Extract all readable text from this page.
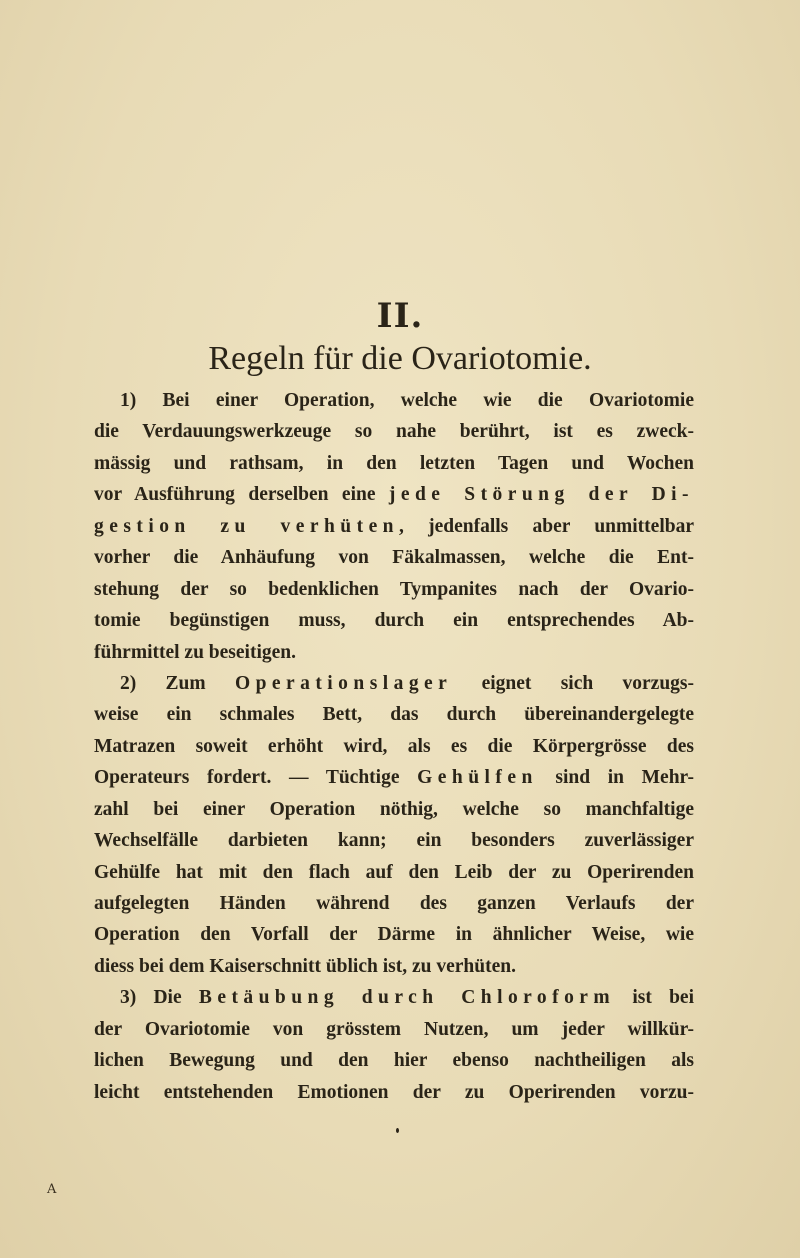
II.
Regeln für die Ovariotomie.
1) Bei einer Operation, welche wie die Ovariotomie
die Verdauungswerkzeuge so nahe berührt, ist es zweck-
mässig und rathsam, in den letzten Tagen und Wochen
vor Ausführung derselben eine jede Störung der Di-
gestion zu verhüten, jedenfalls aber unmittelbar
vorher die Anhäufung von Fäkalmassen, welche die Ent-
stehung der so bedenklichen Tympanites nach der Ovario-
tomie begünstigen muss, durch ein entsprechendes Ab-
führmittel zu beseitigen.
2) Zum Operationslager eignet sich vorzugs-
weise ein schmales Bett, das durch übereinandergelegte
Matrazen soweit erhöht wird, als es die Körpergrösse des
Operateurs fordert. — Tüchtige Gehülfen sind in Mehr-
zahl bei einer Operation nöthig, welche so manchfaltige
Wechselfälle darbieten kann; ein besonders zuverlässiger
Gehülfe hat mit den flach auf den Leib der zu Operirenden
aufgelegten Händen während des ganzen Verlaufs der
Operation den Vorfall der Därme in ähnlicher Weise, wie
diess bei dem Kaiserschnitt üblich ist, zu verhüten.
3) Die Betäubung durch Chloroform ist bei
der Ovariotomie von grösstem Nutzen, um jeder willkür-
lichen Bewegung und den hier ebenso nachtheiligen als
leicht entstehenden Emotionen der zu Operirenden vorzu-
A
